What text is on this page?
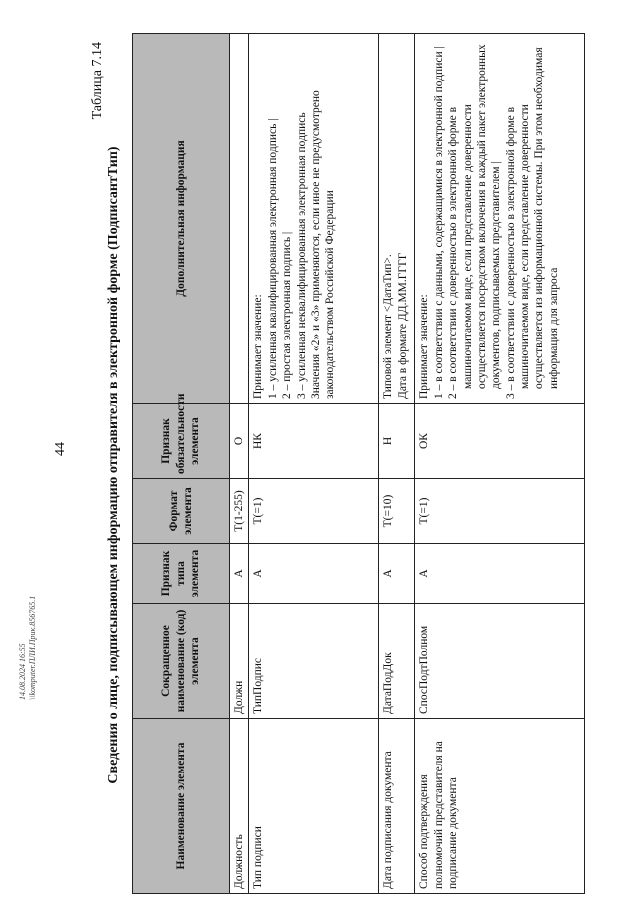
44
Таблица 7.14
Сведения о лице, подписывающем информацию отправителя в электронной форме (ПодписантТип)
Наименование элемента	Сокращенное наименование (код) элемента	Признак типа элемента	Формат элемента	Признак обязательности элемента	Дополнительная информация
Должность	Должн	А	T(1-255)	О	
Тип подписи	ТипПодпис	А	T(=1)	НК	Принимает значение: 1 – усиленная квалифицированная электронная подпись | 2 – простая электронная подпись | 3 – усиленная неквалифицированная электронная подпись Значения «2» и «3» применяются, если иное не предусмотрено законодательством Российской Федерации

Дата подписания документа	ДатаПодДок	А	T(=10)	Н	Типовой элемент <ДатаТип>. Дата в формате ДД.ММ.ГГГГ

Способ подтверждения полномочий представителя на подписание документа	СпосПодтПолном	А	T(=1)	ОК	Принимает значение: 1 – в соответствии с данными, содержащимися в электронной подписи | 2 – в соответствии с доверенностью в электронной форме в машиночитаемом виде, если представление доверенности осуществляется посредством включения в каждый пакет электронных документов, подписываемых представителем | 3 – в соответствии с доверенностью в электронной форме в машиночитаемом виде, если представление доверенности осуществляется из информационной системы. При этом необходимая информация для запроса
14.08.2024 16:55 \\komputer.ПЛИ.Прик.856765.1
